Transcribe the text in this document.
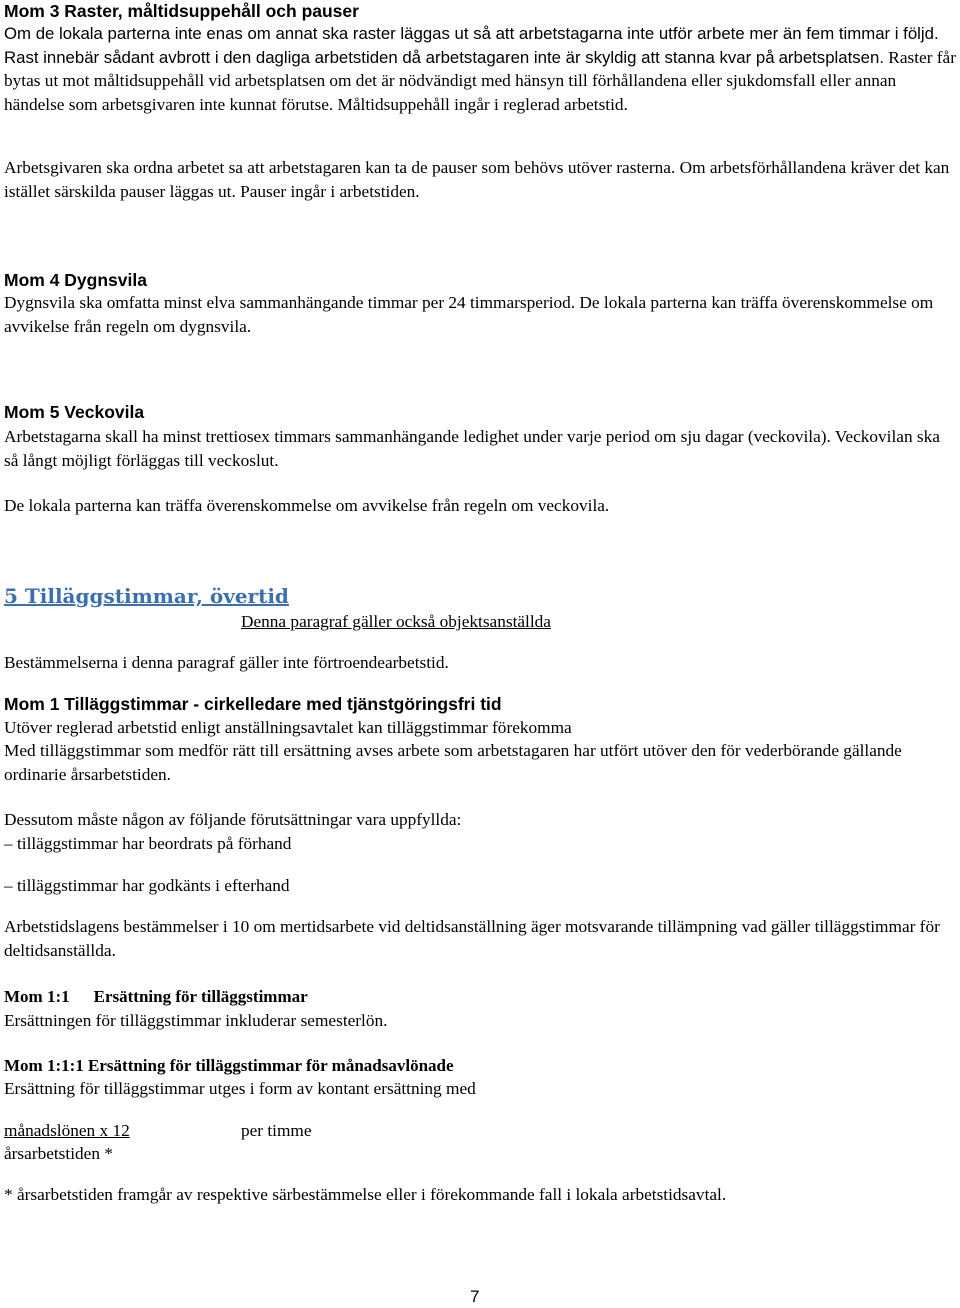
Mom 3 Raster, måltidsuppehåll och pauser
Om de lokala parterna inte enas om annat ska raster läggas ut så att arbetstagarna inte utför arbete mer än fem timmar i följd. Rast innebär sådant avbrott i den dagliga arbetstiden då arbetstagaren inte är skyldig att stanna kvar på arbetsplatsen. Raster får bytas ut mot måltidsuppehåll vid arbetsplatsen om det är nödvändigt med hänsyn till förhållandena eller sjukdomsfall eller annan händelse som arbetsgivaren inte kunnat förutse. Måltidsuppehåll ingår i reglerad arbetstid.
Arbetsgivaren ska ordna arbetet sa att arbetstagaren kan ta de pauser som behövs utöver rasterna. Om arbetsförhållandena kräver det kan istället särskilda pauser läggas ut. Pauser ingår i arbetstiden.
Mom 4 Dygnsvila
Dygnsvila ska omfatta minst elva sammanhängande timmar per 24 timmarsperiod. De lokala parterna kan träffa överenskommelse om avvikelse från regeln om dygnsvila.
Mom 5 Veckovila
Arbetstagarna skall ha minst trettiosex timmars sammanhängande ledighet under varje period om sju dagar (veckovila). Veckovilan ska så långt möjligt förläggas till veckoslut.
De lokala parterna kan träffa överenskommelse om avvikelse från regeln om veckovila.
5 Tilläggstimmar, övertid
Denna paragraf gäller också objektsanställda
Bestämmelserna i denna paragraf gäller inte förtroendearbetstid.
Mom 1 Tilläggstimmar - cirkelledare med tjänstgöringsfri tid
Utöver reglerad arbetstid enligt anställningsavtalet kan tilläggstimmar förekomma
Med tilläggstimmar som medför rätt till ersättning avses arbete som arbetstagaren har utfört utöver den för vederbörande gällande ordinarie årsarbetstiden.
Dessutom måste någon av följande förutsättningar vara uppfyllda:
– tilläggstimmar har beordrats på förhand
– tilläggstimmar har godkänts i efterhand
Arbetstidslagens bestämmelser i 10 om mertidsarbete vid deltidsanställning äger motsvarande tillämpning vad gäller tilläggstimmar för deltidsanställda.
Mom 1:1 Ersättning för tilläggstimmar
Ersättningen för tilläggstimmar inkluderar semesterlön.
Mom 1:1:1 Ersättning för tilläggstimmar för månadsavlönade
Ersättning för tilläggstimmar utges i form av kontant ersättning med
månadslönen x 12	per timme
årsarbetstiden *
* årsarbetstiden framgår av respektive särbestämmelse eller i förekommande fall i lokala arbetstidsavtal.
7
